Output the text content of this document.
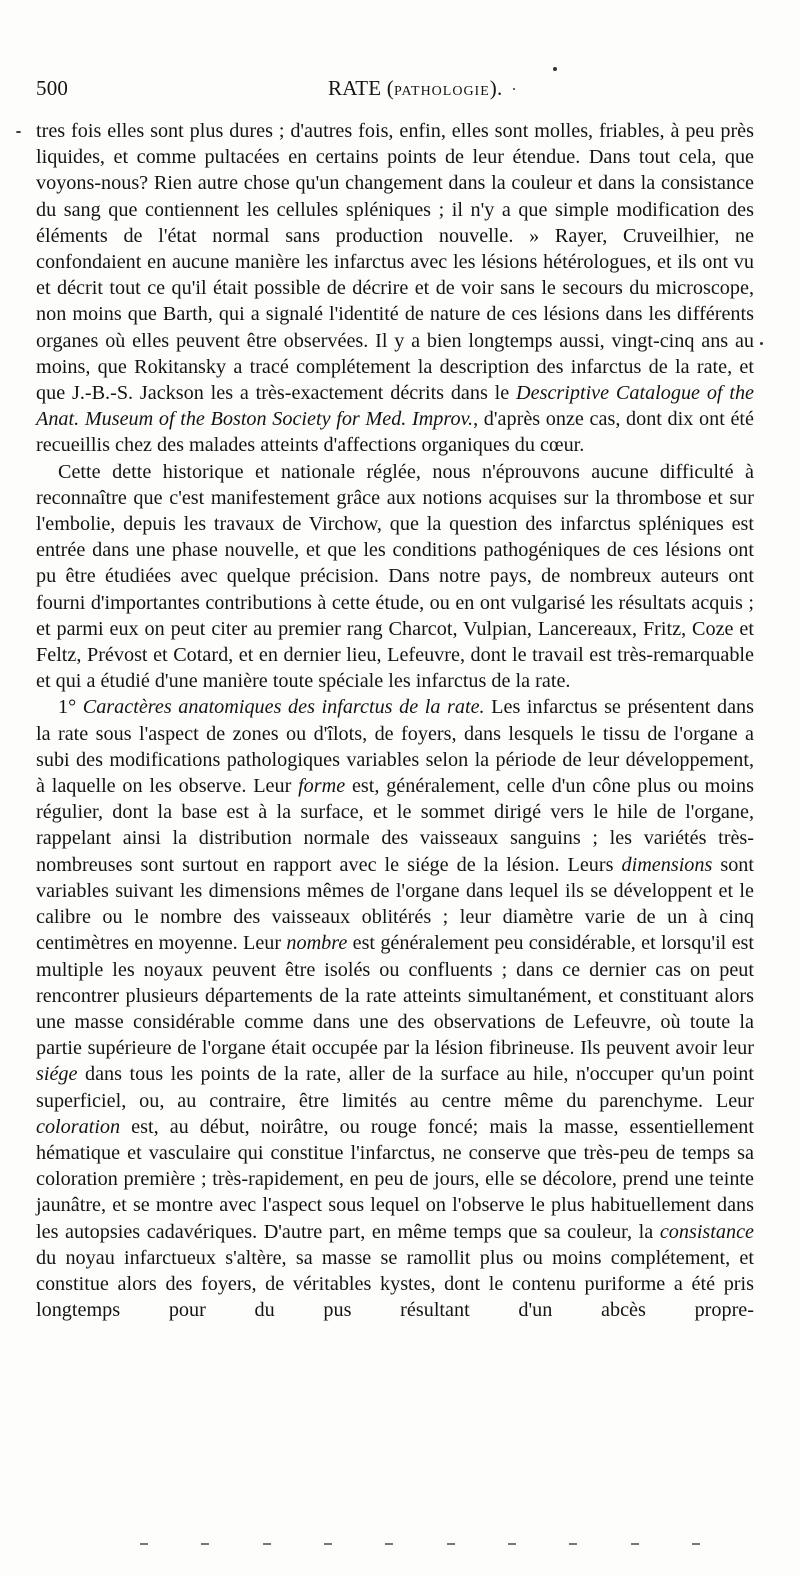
500	RATE (PATHOLOGIE).

tres fois elles sont plus dures ; d'autres fois, enfin, elles sont molles, friables, à peu près liquides, et comme pultacées en certains points de leur étendue. Dans tout cela, que voyons-nous? Rien autre chose qu'un changement dans la couleur et dans la consistance du sang que contiennent les cellules spléniques ; il n'y a que simple modification des éléments de l'état normal sans production nouvelle. » Rayer, Cruveilhier, ne confondaient en aucune manière les infarctus avec les lésions hétérologues, et ils ont vu et décrit tout ce qu'il était possible de décrire et de voir sans le secours du microscope, non moins que Barth, qui a signalé l'identité de nature de ces lésions dans les différents organes où elles peuvent être observées. Il y a bien longtemps aussi, vingt-cinq ans au moins, que Rokitansky a tracé complétement la description des infarctus de la rate, et que J.-B.-S. Jackson les a très-exactement décrits dans le Descriptive Catalogue of the Anat. Museum of the Boston Society for Med. Improv., d'après onze cas, dont dix ont été recueillis chez des malades atteints d'affections organiques du cœur.

Cette dette historique et nationale réglée, nous n'éprouvons aucune difficulté à reconnaître que c'est manifestement grâce aux notions acquises sur la thrombose et sur l'embolie, depuis les travaux de Virchow, que la question des infarctus spléniques est entrée dans une phase nouvelle, et que les conditions pathogéniques de ces lésions ont pu être étudiées avec quelque précision. Dans notre pays, de nombreux auteurs ont fourni d'importantes contributions à cette étude, ou en ont vulgarisé les résultats acquis ; et parmi eux on peut citer au premier rang Charcot, Vulpian, Lancereaux, Fritz, Coze et Feltz, Prévost et Cotard, et en dernier lieu, Lefeuvre, dont le travail est très-remarquable et qui a étudié d'une manière toute spéciale les infarctus de la rate.

1° Caractères anatomiques des infarctus de la rate. Les infarctus se présentent dans la rate sous l'aspect de zones ou d'îlots, de foyers, dans lesquels le tissu de l'organe a subi des modifications pathologiques variables selon la période de leur développement, à laquelle on les observe. Leur forme est, généralement, celle d'un cône plus ou moins régulier, dont la base est à la surface, et le sommet dirigé vers le hile de l'organe, rappelant ainsi la distribution normale des vaisseaux sanguins ; les variétés très-nombreuses sont surtout en rapport avec le siége de la lésion. Leurs dimensions sont variables suivant les dimensions mêmes de l'organe dans lequel ils se développent et le calibre ou le nombre des vaisseaux oblitérés ; leur diamètre varie de un à cinq centimètres en moyenne. Leur nombre est généralement peu considérable, et lorsqu'il est multiple les noyaux peuvent être isolés ou confluents ; dans ce dernier cas on peut rencontrer plusieurs départements de la rate atteints simultanément, et constituant alors une masse considérable comme dans une des observations de Lefeuvre, où toute la partie supérieure de l'organe était occupée par la lésion fibrineuse. Ils peuvent avoir leur siége dans tous les points de la rate, aller de la surface au hile, n'occuper qu'un point superficiel, ou, au contraire, être limités au centre même du parenchyme. Leur coloration est, au début, noirâtre, ou rouge foncé; mais la masse, essentiellement hématique et vasculaire qui constitue l'infarctus, ne conserve que très-peu de temps sa coloration première ; très-rapidement, en peu de jours, elle se décolore, prend une teinte jaunâtre, et se montre avec l'aspect sous lequel on l'observe le plus habituellement dans les autopsies cadavériques. D'autre part, en même temps que sa couleur, la consistance du noyau infarctueux s'altère, sa masse se ramollit plus ou moins complétement, et constitue alors des foyers, de véritables kystes, dont le contenu puriforme a été pris longtemps pour du pus résultant d'un abcès propre-
